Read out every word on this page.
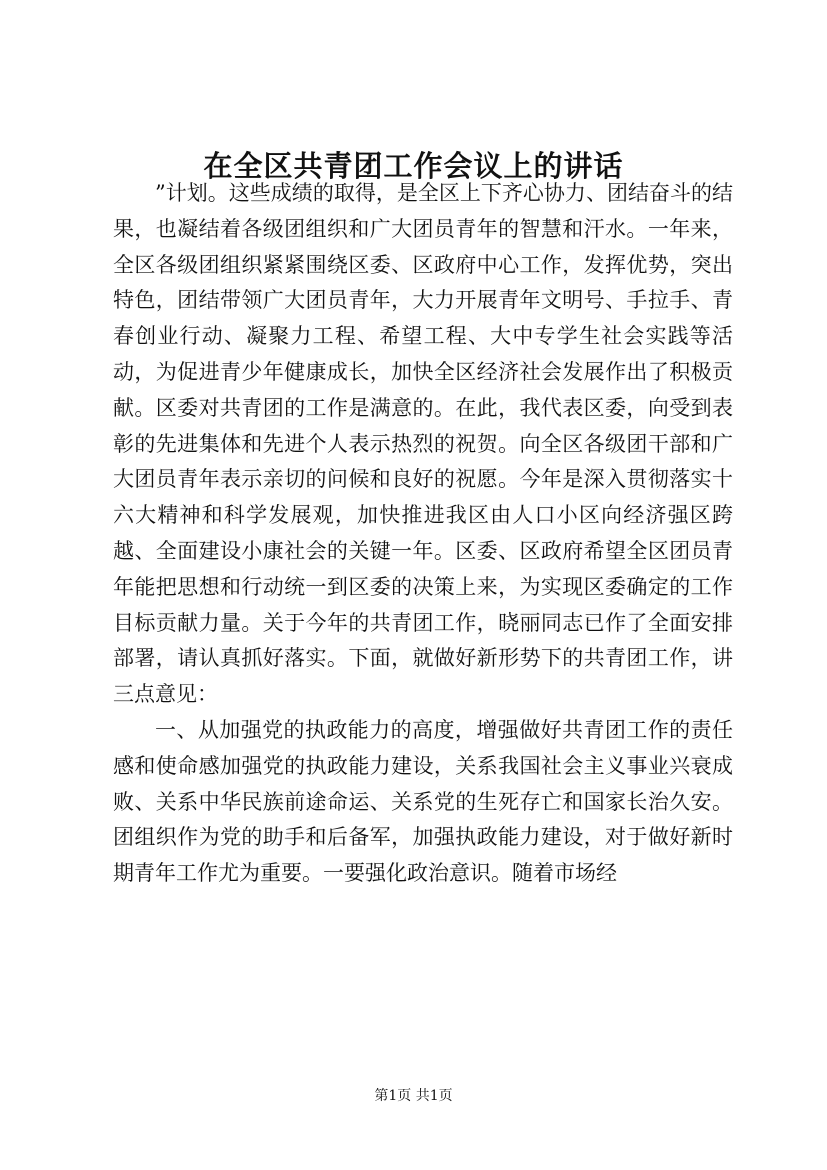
在全区共青团工作会议上的讲话

”计划。这些成绩的取得，是全区上下齐心协力、团结奋斗的结果，也凝结着各级团组织和广大团员青年的智慧和汗水。一年来，全区各级团组织紧紧围绕区委、区政府中心工作，发挥优势，突出特色，团结带领广大团员青年，大力开展青年文明号、手拉手、青春创业行动、凝聚力工程、希望工程、大中专学生社会实践等活动，为促进青少年健康成长，加快全区经济社会发展作出了积极贡献。区委对共青团的工作是满意的。在此，我代表区委，向受到表彰的先进集体和先进个人表示热烈的祝贺。向全区各级团干部和广大团员青年表示亲切的问候和良好的祝愿。今年是深入贯彻落实十六大精神和科学发展观，加快推进我区由人口小区向经济强区跨越、全面建设小康社会的关键一年。区委、区政府希望全区团员青年能把思想和行动统一到区委的决策上来，为实现区委确定的工作目标贡献力量。关于今年的共青团工作，晓丽同志已作了全面安排部署，请认真抓好落实。下面，就做好新形势下的共青团工作，讲三点意见：

一、从加强党的执政能力的高度，增强做好共青团工作的责任感和使命感加强党的执政能力建设，关系我国社会主义事业兴衰成败、关系中华民族前途命运、关系党的生死存亡和国家长治久安。团组织作为党的助手和后备军，加强执政能力建设，对于做好新时期青年工作尤为重要。一要强化政治意识。随着市场经

第1页 共1页
